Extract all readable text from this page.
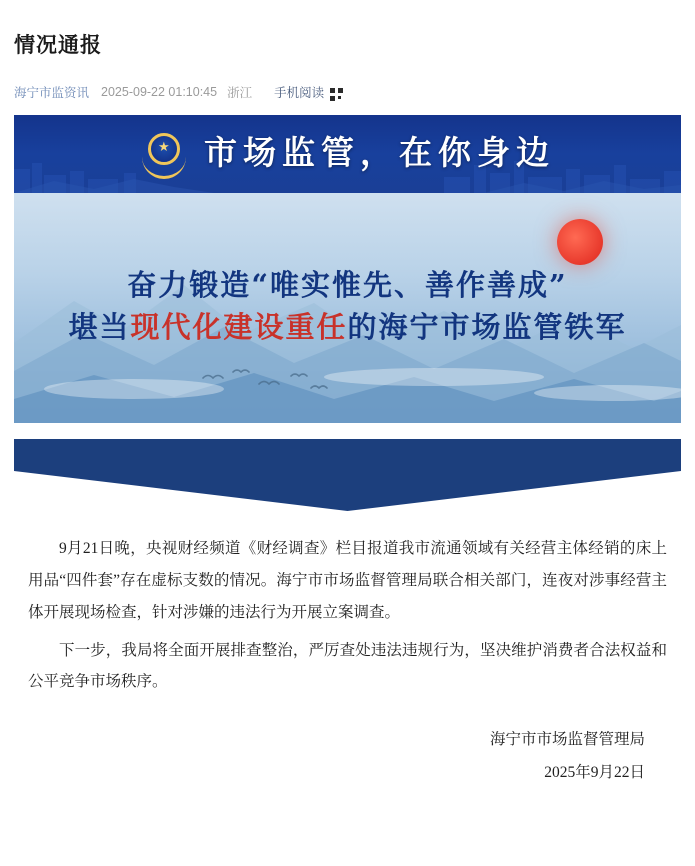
情况通报
海宁市监资讯 2025-09-22 01:10:45 浙江 手机阅读
★ 市场监管，在你身边
奋力锻造“唯实惟先、善作善成”
堪当现代化建设重任的海宁市场监管铁军

9月21日晚，央视财经频道《财经调查》栏目报道我市流通领域有关经营主体经销的床上用品“四件套”存在虚标支数的情况。海宁市市场监督管理局联合相关部门，连夜对涉事经营主体开展现场检查，针对涉嫌的违法行为开展立案调查。

下一步，我局将全面开展排查整治，严厉查处违法违规行为，坚决维护消费者合法权益和公平竞争市场秩序。

海宁市市场监督管理局
2025年9月22日
